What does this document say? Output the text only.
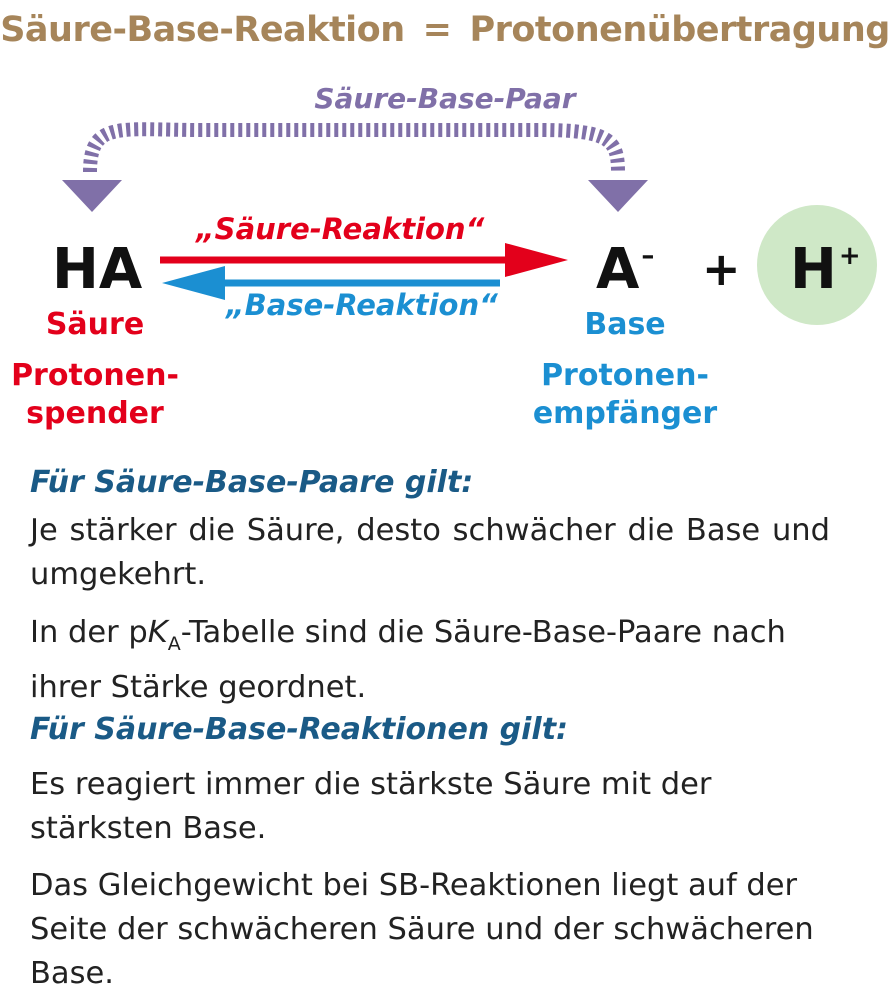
Säure-Base-Reaktion = Protonenübertragung
Säure-Base-Paar
HA	A– + H+
„Säure-Reaktion“
„Base-Reaktion“
Säure
Protonen-
spender
Base
Protonen-
empfänger
Für Säure-Base-Paare gilt:
Je stärker die Säure, desto schwächer die Base und umgekehrt.
In der $pK_A$-Tabelle sind die Säure-Base-Paare nach ihrer Stärke geordnet.
Für Säure-Base-Reaktionen gilt:
Es reagiert immer die stärkste Säure mit der stärksten Base.
Das Gleichgewicht bei SB-Reaktionen liegt auf der Seite der schwächeren Säure und der schwächeren Base.
